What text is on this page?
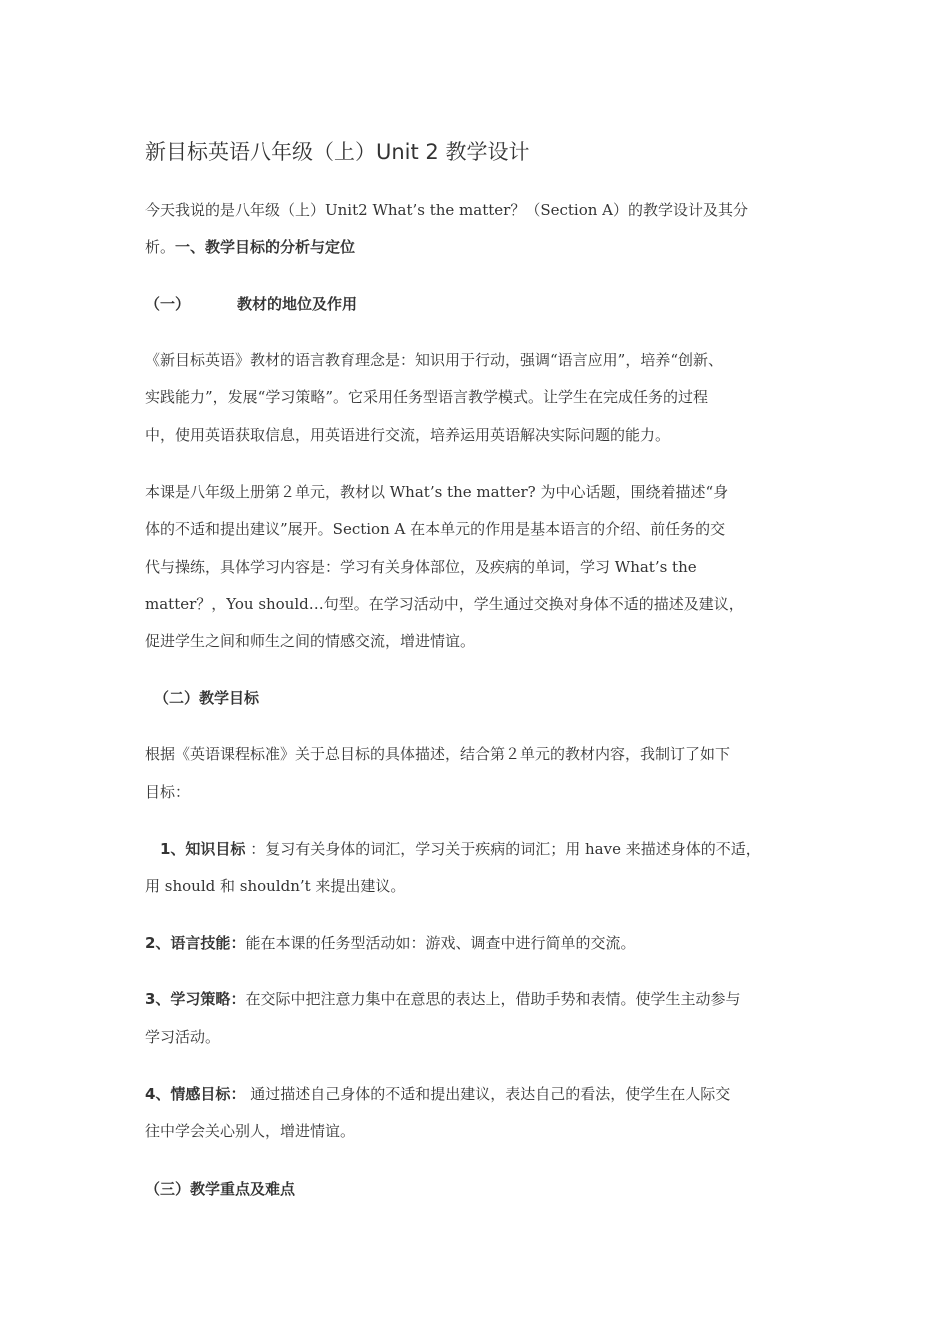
新目标英语八年级（上）Unit 2 教学设计

今天我说的是八年级（上）Unit2 What’s the matter？（Section A）的教学设计及其分

析。一、教学目标的分析与定位

（一）	教材的地位及作用

《新目标英语》教材的语言教育理念是：知识用于行动，强调“语言应用”，培养“创新、

实践能力”，发展“学习策略”。它采用任务型语言教学模式。让学生在完成任务的过程

中，使用英语获取信息，用英语进行交流，培养运用英语解决实际问题的能力。

本课是八年级上册第２单元，教材以 What’s the matter? 为中心话题，围绕着描述“身

体的不适和提出建议”展开。Section A 在本单元的作用是基本语言的介绍、前任务的交

代与操练，具体学习内容是：学习有关身体部位，及疾病的单词，学习 What’s the

matter？，You should…句型。在学习活动中，学生通过交换对身体不适的描述及建议，

促进学生之间和师生之间的情感交流，增进情谊。

（二）教学目标

根据《英语课程标准》关于总目标的具体描述，结合第２单元的教材内容，我制订了如下

目标：

1、知识目标 ：复习有关身体的词汇，学习关于疾病的词汇；用 have 来描述身体的不适，

用 should 和 shouldn’t 来提出建议。

2、语言技能：能在本课的任务型活动如：游戏、调查中进行简单的交流。

3、学习策略：在交际中把注意力集中在意思的表达上，借助手势和表情。使学生主动参与

学习活动。

4、情感目标： 通过描述自己身体的不适和提出建议，表达自己的看法，使学生在人际交

往中学会关心别人，增进情谊。

（三）教学重点及难点
